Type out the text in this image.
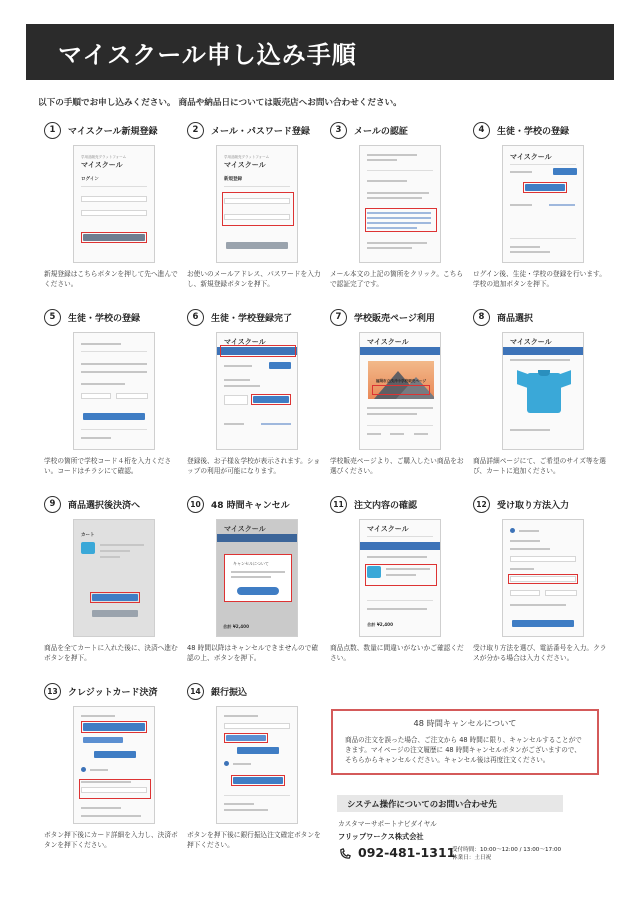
マイスクール申し込み手順
以下の手順でお申し込みください。 商品や納品日については販売店へお問い合わせください。
1	マイスクール新規登録
学用品販売プラットフォーム
マイスクール
ログイン
新規登録はこちらボタンを押して先へ進んでください。
2	メール・パスワード登録
学用品販売プラットフォーム
マイスクール
新規登録
お使いのメールアドレス、パスワードを入力し、新規登録ボタンを押下。
3	メールの認証
メール本文の上記の箇所をクリック。こちらで認証完了です。
4	生徒・学校の登録
マイスクール
ログイン後、生徒・学校の登録を行います。学校の追加ボタンを押下。
5	生徒・学校の登録
学校の箇所で学校コード４桁を入力ください。コードはチラシにて確認。
6	生徒・学校登録完了
マイスクール
登録後、お子様＆学校が表示されます。ショップの利用が可能になります。
7	学校販売ページ利用
マイスクール
福岡市立浅井中学校販売ページ
学校販売ページより、ご購入したい商品をお選びください。
8	商品選択
マイスクール
商品詳細ページにて、ご希望のサイズ等を選び、カートに追加ください。
9	商品選択後決済へ
カート
商品を全てカートに入れた後に、決済へ進むボタンを押下。
10	48 時間キャンセル
マイスクール
キャンセルについて
合計 ¥2,400
48 時間以降はキャンセルできませんので確認の上、ボタンを押下。
11	注文内容の確認
マイスクール
合計 ¥2,400
商品点数、数量に間違いがないかご確認ください。
12	受け取り方法入力
受け取り方法を選び、電話番号を入力。クラスが分かる場合は入力ください。
13	クレジットカード決済
ボタン押下後にカード詳細を入力し、決済ボタンを押下ください。
14	銀行振込
ボタンを押下後に銀行振込注文確定ボタンを押下ください。
48 時間キャンセルについて
商品の注文を誤った場合、ご注文から 48 時間に限り、キャンセルすることができます。マイページの注文履歴に 48 時間キャンセルボタンがございますので、そちらからキャンセルください。キャンセル後は再度注文ください。
システム操作についてのお問い合わせ先
カスタマーサポートナビダイヤル
フリップワークス株式会社
092-481-1311
受付時間：10:00～12:00 / 13:00～17:00
休業日：土日祝
